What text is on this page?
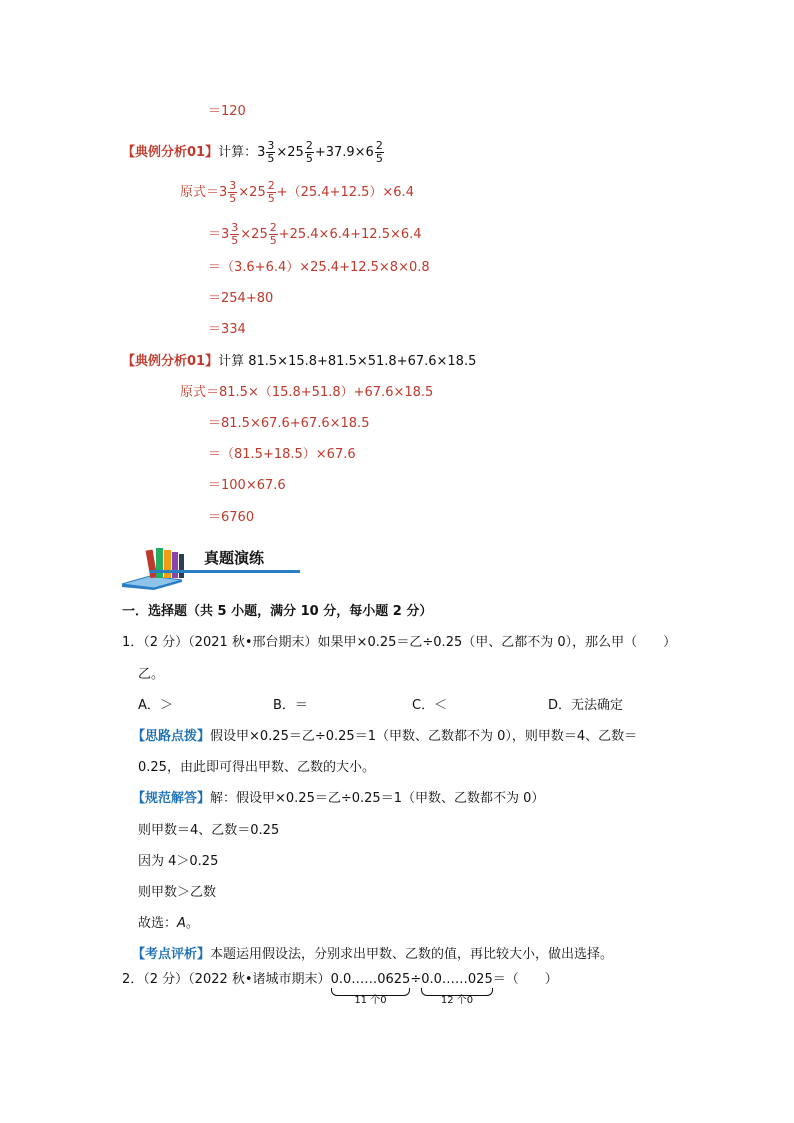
＝120
【典例分析01】计算：$3 \frac{3}{5} \times 25 \frac{2}{5} +37.9\times 6 \frac{2}{5}$
原式$=3 \frac{3}{5} \times 25 \frac{2}{5} +(25.4+12.5)\times 6.4$
$=3 \frac{3}{5} \times 25 \frac{2}{5} +25.4\times 6.4+12.5\times 6.4$
＝（3.6+6.4）×25.4+12.5×8×0.8
＝254+80
＝334
【典例分析01】计算 81.5×15.8+81.5×51.8+67.6×18.5
原式＝81.5×（15.8+51.8）+67.6×18.5
＝81.5×67.6+67.6×18.5
＝（81.5+18.5）×67.6
＝100×67.6
＝6760
真题演练
一．选择题（共 5 小题，满分 10 分，每小题 2 分）
1．（2 分）（2021 秋•邢台期末）如果甲×0.25＝乙÷0.25（甲、乙都不为 0），那么甲（　　）
乙。
A．＞	B．＝	C．＜	D．无法确定
【思路点拨】假设甲×0.25＝乙÷0.25＝1（甲数、乙数都不为 0），则甲数＝4、乙数＝
0.25，由此即可得出甲数、乙数的大小。
【规范解答】解：假设甲×0.25＝乙÷0.25＝1（甲数、乙数都不为 0）
则甲数＝4、乙数＝0.25
因为 4＞0.25
则甲数＞乙数
故选：A。
【考点评析】本题运用假设法，分别求出甲数、乙数的值，再比较大小，做出选择。
2．（2 分）（2022 秋•诸城市期末）0.0……0625
11 个0
÷0.0……025
12 个0
＝（　　）
